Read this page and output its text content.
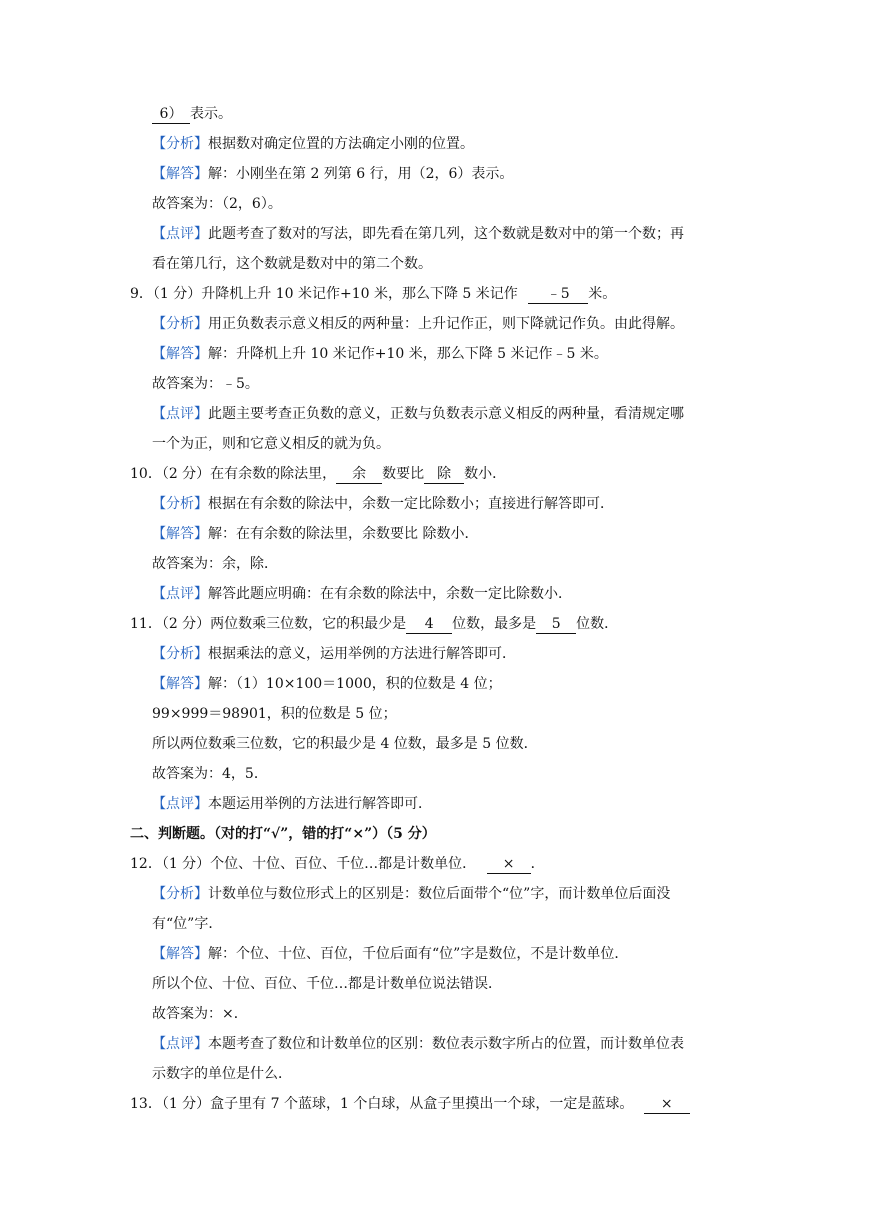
6） 表示。
【分析】根据数对确定位置的方法确定小刚的位置。
【解答】解：小刚坐在第 2 列第 6 行，用（2，6）表示。
故答案为：（2，6）。
【点评】此题考查了数对的写法，即先看在第几列，这个数就是数对中的第一个数；再
看在第几行，这个数就是数对中的第二个数。
9．（1 分）升降机上升 10 米记作+10 米，那么下降 5 米记作 ﹣5 米。
【分析】用正负数表示意义相反的两种量：上升记作正，则下降就记作负。由此得解。
【解答】解：升降机上升 10 米记作+10 米，那么下降 5 米记作﹣5 米。
故答案为：﹣5。
【点评】此题主要考查正负数的意义，正数与负数表示意义相反的两种量，看清规定哪
一个为正，则和它意义相反的就为负。
10．（2 分）在有余数的除法里， 余 数要比 除 数小．
【分析】根据在有余数的除法中，余数一定比除数小；直接进行解答即可．
【解答】解：在有余数的除法里，余数要比 除数小．
故答案为：余，除．
【点评】解答此题应明确：在有余数的除法中，余数一定比除数小．
11．（2 分）两位数乘三位数，它的积最少是 4 位数，最多是 5 位数．
【分析】根据乘法的意义，运用举例的方法进行解答即可．
【解答】解：（1）10×100＝1000，积的位数是 4 位；
99×999＝98901，积的位数是 5 位；
所以两位数乘三位数，它的积最少是 4 位数，最多是 5 位数．
故答案为：4，5．
【点评】本题运用举例的方法进行解答即可．
二、判断题。（对的打“√”，错的打“×”）（5 分）
12．（1 分）个位、十位、百位、千位…都是计数单位． × ．
【分析】计数单位与数位形式上的区别是：数位后面带个“位”字，而计数单位后面没
有“位”字．
【解答】解：个位、十位、百位，千位后面有“位”字是数位，不是计数单位．
所以个位、十位、百位、千位…都是计数单位说法错误．
故答案为：×．
【点评】本题考查了数位和计数单位的区别：数位表示数字所占的位置，而计数单位表
示数字的单位是什么．
13．（1 分）盒子里有 7 个蓝球，1 个白球，从盒子里摸出一个球，一定是蓝球。 ×
